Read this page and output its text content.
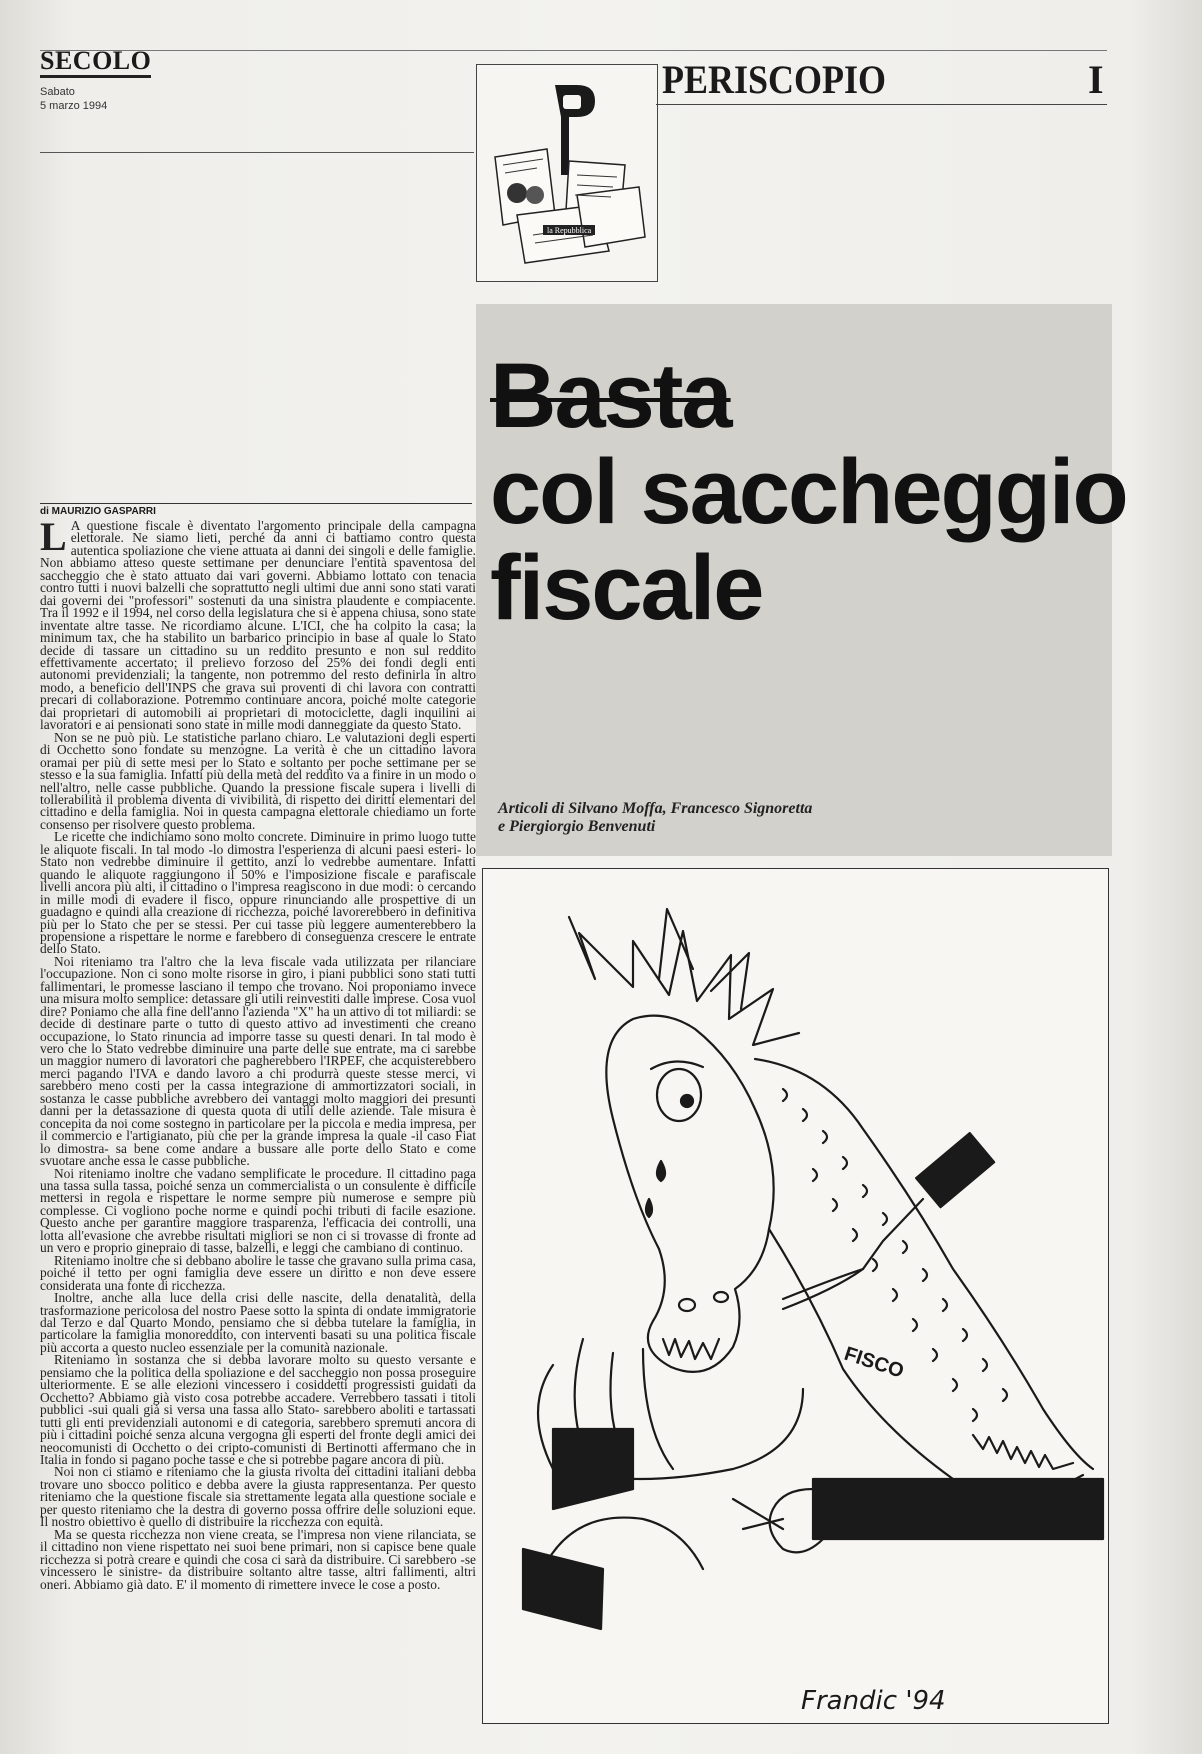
SECOLO
Sabato
5 marzo 1994
la Repubblica
PERISCOPIO	I
Basta
col saccheggio
fiscale
Articoli di Silvano Moffa, Francesco Signoretta
e Piergiorgio Benvenuti
FISCO
Frandic '94
di MAURIZIO GASPARRI

L A questione fiscale è diventato l'argomento principale della campagna elettorale. Ne siamo lieti, perché da anni ci battiamo contro questa autentica spoliazione che viene attuata ai danni dei singoli e delle famiglie. Non abbiamo atteso queste settimane per denunciare l'entità spaventosa del saccheggio che è stato attuato dai vari governi. Abbiamo lottato con tenacia contro tutti i nuovi balzelli che soprattutto negli ultimi due anni sono stati varati dai governi dei "professori" sostenuti da una sinistra plaudente e compiacente. Tra il 1992 e il 1994, nel corso della legislatura che si è appena chiusa, sono state inventate altre tasse. Ne ricordiamo alcune. L'ICI, che ha colpito la casa; la minimum tax, che ha stabilito un barbarico principio in base al quale lo Stato decide di tassare un cittadino su un reddito presunto e non sul reddito effettivamente accertato; il prelievo forzoso del 25% dei fondi degli enti autonomi previdenziali; la tangente, non potremmo del resto definirla in altro modo, a beneficio dell'INPS che grava sui proventi di chi lavora con contratti precari di collaborazione. Potremmo continuare ancora, poiché molte categorie dai proprietari di automobili ai proprietari di motociclette, dagli inquilini ai lavoratori e ai pensionati sono state in mille modi danneggiate da questo Stato.

Non se ne può più. Le statistiche parlano chiaro. Le valutazioni degli esperti di Occhetto sono fondate su menzogne. La verità è che un cittadino lavora oramai per più di sette mesi per lo Stato e soltanto per poche settimane per se stesso e la sua famiglia. Infatti più della metà del reddito va a finire in un modo o nell'altro, nelle casse pubbliche. Quando la pressione fiscale supera i livelli di tollerabilità il problema diventa di vivibilità, di rispetto dei diritti elementari del cittadino e della famiglia. Noi in questa campagna elettorale chiediamo un forte consenso per risolvere questo problema.

Le ricette che indichiamo sono molto concrete. Diminuire in primo luogo tutte le aliquote fiscali. In tal modo -lo dimostra l'esperienza di alcuni paesi esteri- lo Stato non vedrebbe diminuire il gettito, anzi lo vedrebbe aumentare. Infatti quando le aliquote raggiungono il 50% e l'imposizione fiscale e parafiscale livelli ancora più alti, il cittadino o l'impresa reagiscono in due modi: o cercando in mille modi di evadere il fisco, oppure rinunciando alle prospettive di un guadagno e quindi alla creazione di ricchezza, poiché lavorerebbero in definitiva più per lo Stato che per se stessi. Per cui tasse più leggere aumenterebbero la propensione a rispettare le norme e farebbero di conseguenza crescere le entrate dello Stato.

Noi riteniamo tra l'altro che la leva fiscale vada utilizzata per rilanciare l'occupazione. Non ci sono molte risorse in giro, i piani pubblici sono stati tutti fallimentari, le promesse lasciano il tempo che trovano. Noi proponiamo invece una misura molto semplice: detassare gli utili reinvestiti dalle imprese. Cosa vuol dire? Poniamo che alla fine dell'anno l'azienda "X" ha un attivo di tot miliardi: se decide di destinare parte o tutto di questo attivo ad investimenti che creano occupazione, lo Stato rinuncia ad imporre tasse su questi denari. In tal modo è vero che lo Stato vedrebbe diminuire una parte delle sue entrate, ma ci sarebbe un maggior numero di lavoratori che pagherebbero l'IRPEF, che acquisterebbero merci pagando l'IVA e dando lavoro a chi produrrà queste stesse merci, vi sarebbero meno costi per la cassa integrazione di ammortizzatori sociali, in sostanza le casse pubbliche avrebbero dei vantaggi molto maggiori dei presunti danni per la detassazione di questa quota di utili delle aziende. Tale misura è concepita da noi come sostegno in particolare per la piccola e media impresa, per il commercio e l'artigianato, più che per la grande impresa la quale -il caso Fiat lo dimostra- sa bene come andare a bussare alle porte dello Stato e come svuotare anche essa le casse pubbliche.

Noi riteniamo inoltre che vadano semplificate le procedure. Il cittadino paga una tassa sulla tassa, poiché senza un commercialista o un consulente è difficile mettersi in regola e rispettare le norme sempre più numerose e sempre più complesse. Ci vogliono poche norme e quindi pochi tributi di facile esazione. Questo anche per garantire maggiore trasparenza, l'efficacia dei controlli, una lotta all'evasione che avrebbe risultati migliori se non ci si trovasse di fronte ad un vero e proprio ginepraio di tasse, balzelli, e leggi che cambiano di continuo.

Riteniamo inoltre che si debbano abolire le tasse che gravano sulla prima casa, poiché il tetto per ogni famiglia deve essere un diritto e non deve essere considerata una fonte di ricchezza.

Inoltre, anche alla luce della crisi delle nascite, della denatalità, della trasformazione pericolosa del nostro Paese sotto la spinta di ondate immigratorie dal Terzo e dal Quarto Mondo, pensiamo che si debba tutelare la famiglia, in particolare la famiglia monoreddito, con interventi basati su una politica fiscale più accorta a questo nucleo essenziale per la comunità nazionale.

Riteniamo in sostanza che si debba lavorare molto su questo versante e pensiamo che la politica della spoliazione e del saccheggio non possa proseguire ulteriormente. E se alle elezioni vincessero i cosiddetti progressisti guidati da Occhetto? Abbiamo già visto cosa potrebbe accadere. Verrebbero tassati i titoli pubblici -sui quali già si versa una tassa allo Stato- sarebbero aboliti e tartassati tutti gli enti previdenziali autonomi e di categoria, sarebbero spremuti ancora di più i cittadini poiché senza alcuna vergogna gli esperti del fronte degli amici dei neocomunisti di Occhetto o dei cripto-comunisti di Bertinotti affermano che in Italia in fondo si pagano poche tasse e che si potrebbe pagare ancora di più.

Noi non ci stiamo e riteniamo che la giusta rivolta dei cittadini italiani debba trovare uno sbocco politico e debba avere la giusta rappresentanza. Per questo riteniamo che la questione fiscale sia strettamente legata alla questione sociale e per questo riteniamo che la destra di governo possa offrire delle soluzioni eque. Il nostro obiettivo è quello di distribuire la ricchezza con equità.

Ma se questa ricchezza non viene creata, se l'impresa non viene rilanciata, se il cittadino non viene rispettato nei suoi bene primari, non si capisce bene quale ricchezza si potrà creare e quindi che cosa ci sarà da distribuire. Ci sarebbero -se vincessero le sinistre- da distribuire soltanto altre tasse, altri fallimenti, altri oneri. Abbiamo già dato. E' il momento di rimettere invece le cose a posto.
